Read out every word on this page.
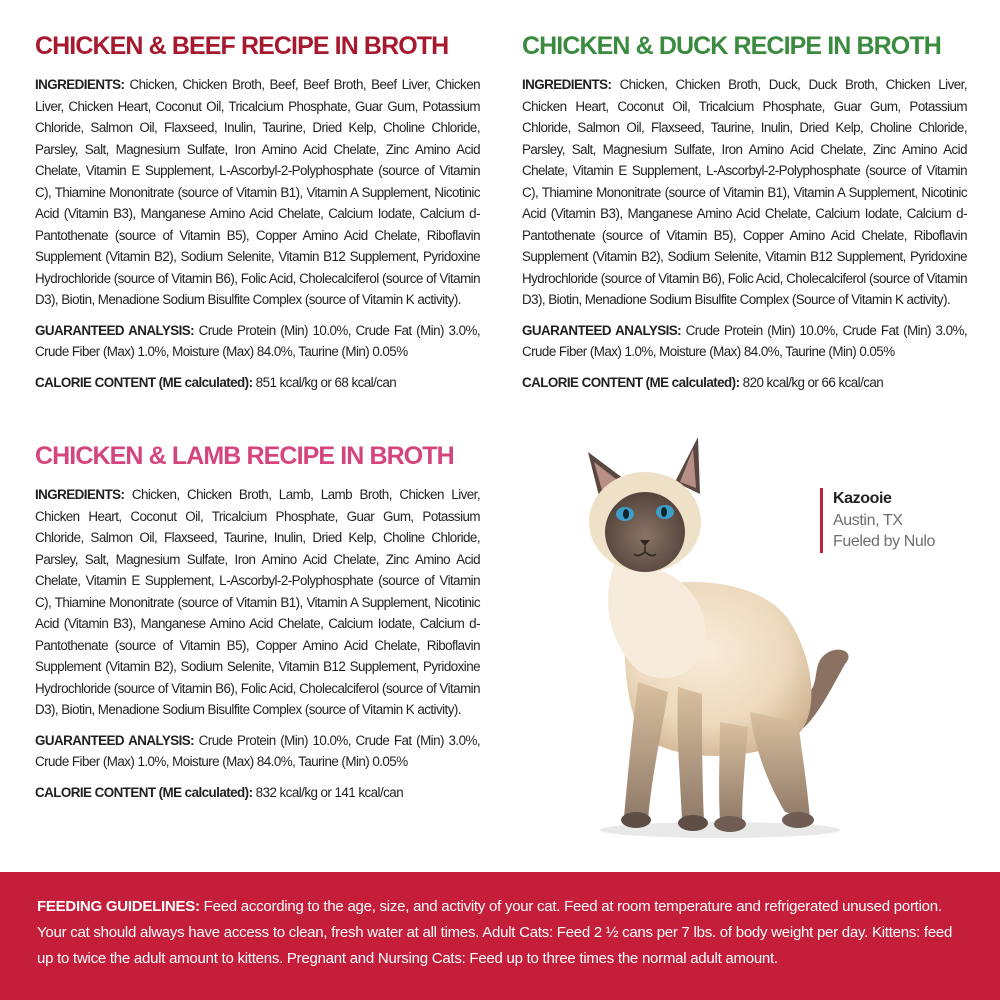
CHICKEN & BEEF RECIPE IN BROTH

INGREDIENTS: Chicken, Chicken Broth, Beef, Beef Broth, Beef Liver, Chicken Liver, Chicken Heart, Coconut Oil, Tricalcium Phosphate, Guar Gum, Potassium Chloride, Salmon Oil, Flaxseed, Inulin, Taurine, Dried Kelp, Choline Chloride, Parsley, Salt, Magnesium Sulfate, Iron Amino Acid Chelate, Zinc Amino Acid Chelate, Vitamin E Supplement, L-Ascorbyl-2-Polyphosphate (source of Vitamin C), Thiamine Mononitrate (source of Vitamin B1), Vitamin A Supplement, Nicotinic Acid (Vitamin B3), Manganese Amino Acid Chelate, Calcium Iodate, Calcium d-Pantothenate (source of Vitamin B5), Copper Amino Acid Chelate, Riboflavin Supplement (Vitamin B2), Sodium Selenite, Vitamin B12 Supplement, Pyridoxine Hydrochloride (source of Vitamin B6), Folic Acid, Cholecalciferol (source of Vitamin D3), Biotin, Menadione Sodium Bisulfite Complex (source of Vitamin K activity).

GUARANTEED ANALYSIS: Crude Protein (Min) 10.0%, Crude Fat (Min) 3.0%, Crude Fiber (Max) 1.0%, Moisture (Max) 84.0%, Taurine (Min) 0.05%

CALORIE CONTENT (ME calculated): 851 kcal/kg or 68 kcal/can

CHICKEN & DUCK RECIPE IN BROTH

INGREDIENTS: Chicken, Chicken Broth, Duck, Duck Broth, Chicken Liver, Chicken Heart, Coconut Oil, Tricalcium Phosphate, Guar Gum, Potassium Chloride, Salmon Oil, Flaxseed, Taurine, Inulin, Dried Kelp, Choline Chloride, Parsley, Salt, Magnesium Sulfate, Iron Amino Acid Chelate, Zinc Amino Acid Chelate, Vitamin E Supplement, L-Ascorbyl-2-Polyphosphate (source of Vitamin C), Thiamine Mononitrate (source of Vitamin B1), Vitamin A Supplement, Nicotinic Acid (Vitamin B3), Manganese Amino Acid Chelate, Calcium Iodate, Calcium d-Pantothenate (source of Vitamin B5), Copper Amino Acid Chelate, Riboflavin Supplement (Vitamin B2), Sodium Selenite, Vitamin B12 Supplement, Pyridoxine Hydrochloride (source of Vitamin B6), Folic Acid, Cholecalciferol (source of Vitamin D3), Biotin, Menadione Sodium Bisulfite Complex (Source of Vitamin K activity).

GUARANTEED ANALYSIS: Crude Protein (Min) 10.0%, Crude Fat (Min) 3.0%, Crude Fiber (Max) 1.0%, Moisture (Max) 84.0%, Taurine (Min) 0.05%

CALORIE CONTENT (ME calculated): 820 kcal/kg or 66 kcal/can

CHICKEN & LAMB RECIPE IN BROTH

INGREDIENTS: Chicken, Chicken Broth, Lamb, Lamb Broth, Chicken Liver, Chicken Heart, Coconut Oil, Tricalcium Phosphate, Guar Gum, Potassium Chloride, Salmon Oil, Flaxseed, Taurine, Inulin, Dried Kelp, Choline Chloride, Parsley, Salt, Magnesium Sulfate, Iron Amino Acid Chelate, Zinc Amino Acid Chelate, Vitamin E Supplement, L-Ascorbyl-2-Polyphosphate (source of Vitamin C), Thiamine Mononitrate (source of Vitamin B1), Vitamin A Supplement, Nicotinic Acid (Vitamin B3), Manganese Amino Acid Chelate, Calcium Iodate, Calcium d-Pantothenate (source of Vitamin B5), Copper Amino Acid Chelate, Riboflavin Supplement (Vitamin B2), Sodium Selenite, Vitamin B12 Supplement, Pyridoxine Hydrochloride (source of Vitamin B6), Folic Acid, Cholecalciferol (source of Vitamin D3), Biotin, Menadione Sodium Bisulfite Complex (source of Vitamin K activity).

GUARANTEED ANALYSIS: Crude Protein (Min) 10.0%, Crude Fat (Min) 3.0%, Crude Fiber (Max) 1.0%, Moisture (Max) 84.0%, Taurine (Min) 0.05%

CALORIE CONTENT (ME calculated): 832 kcal/kg or 141 kcal/can

Kazooie
Austin, TX
Fueled by Nulo
FEEDING GUIDELINES: Feed according to the age, size, and activity of your cat. Feed at room temperature and refrigerated unused portion. Your cat should always have access to clean, fresh water at all times. Adult Cats: Feed 2 ½ cans per 7 lbs. of body weight per day. Kittens: feed up to twice the adult amount to kittens. Pregnant and Nursing Cats: Feed up to three times the normal adult amount.
